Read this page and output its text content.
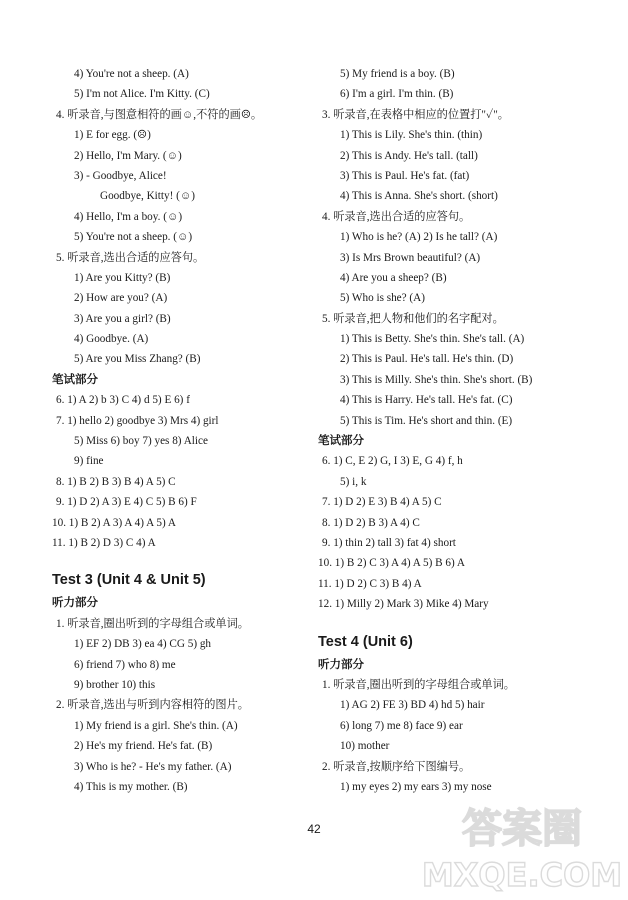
4) You're not a sheep. (A)
5) I'm not Alice. I'm Kitty. (C)
4. 听录音,与图意相符的画☺,不符的画☹。
1) E for egg. (☹)
2) Hello, I'm Mary. (☺)
3) - Goodbye, Alice!
Goodbye, Kitty! (☺)
4) Hello, I'm a boy. (☺)
5) You're not a sheep. (☺)
5. 听录音,选出合适的应答句。
1) Are you Kitty? (B)
2) How are you? (A)
3) Are you a girl? (B)
4) Goodbye. (A)
5) Are you Miss Zhang? (B)
笔试部分
6. 1) A 2) b 3) C 4) d 5) E 6) f
7. 1) hello 2) goodbye 3) Mrs 4) girl
5) Miss 6) boy 7) yes 8) Alice
9) fine
8. 1) B 2) B 3) B 4) A 5) C
9. 1) D 2) A 3) E 4) C 5) B 6) F
10. 1) B 2) A 3) A 4) A 5) A
11. 1) B 2) D 3) C 4) A
Test 3 (Unit 4 & Unit 5)
听力部分
1. 听录音,圈出听到的字母组合或单词。
1) EF 2) DB 3) ea 4) CG 5) gh
6) friend 7) who 8) me
9) brother 10) this
2. 听录音,选出与听到内容相符的图片。
1) My friend is a girl. She's thin. (A)
2) He's my friend. He's fat. (B)
3) Who is he? - He's my father. (A)
4) This is my mother. (B)
5) My friend is a boy. (B)
6) I'm a girl. I'm thin. (B)
3. 听录音,在表格中相应的位置打"✓"。
1) This is Lily. She's thin. (thin)
2) This is Andy. He's tall. (tall)
3) This is Paul. He's fat. (fat)
4) This is Anna. She's short. (short)
4. 听录音,选出合适的应答句。
1) Who is he? (A) 2) Is he tall? (A)
3) Is Mrs Brown beautiful? (A)
4) Are you a sheep? (B)
5) Who is she? (A)
5. 听录音,把人物和他们的名字配对。
1) This is Betty. She's thin. She's tall. (A)
2) This is Paul. He's tall. He's thin. (D)
3) This is Milly. She's thin. She's short. (B)
4) This is Harry. He's tall. He's fat. (C)
5) This is Tim. He's short and thin. (E)
笔试部分
6. 1) C, E 2) G, I 3) E, G 4) f, h
5) i, k
7. 1) D 2) E 3) B 4) A 5) C
8. 1) D 2) B 3) A 4) C
9. 1) thin 2) tall 3) fat 4) short
10. 1) B 2) C 3) A 4) A 5) B 6) A
11. 1) D 2) C 3) B 4) A
12. 1) Milly 2) Mark 3) Mike 4) Mary
Test 4 (Unit 6)
听力部分
1. 听录音,圈出听到的字母组合或单词。
1) AG 2) FE 3) BD 4) hd 5) hair
6) long 7) me 8) face 9) ear
10) mother
2. 听录音,按顺序给下图编号。
1) my eyes 2) my ears 3) my nose
42	答案圈
MXQE.COM
